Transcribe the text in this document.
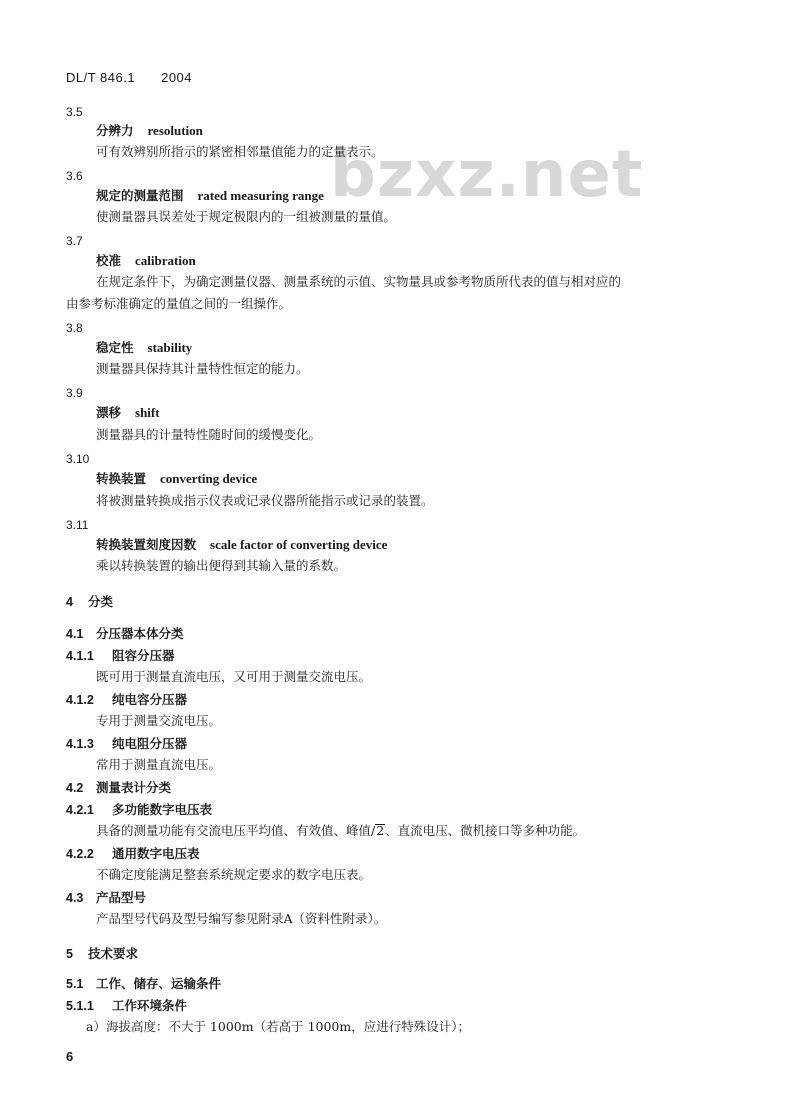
DL/T 846.1 2004
bzxz.net
3.5
分辨力 resolution
可有效辨别所指示的紧密相邻量值能力的定量表示。
3.6
规定的测量范围 rated measuring range
使测量器具误差处于规定极限内的一组被测量的量值。
3.7
校准 calibration
在规定条件下，为确定测量仪器、测量系统的示值、实物量具或参考物质所代表的值与相对应的
由参考标准确定的量值之间的一组操作。
3.8
稳定性 stability
测量器具保持其计量特性恒定的能力。
3.9
漂移 shift
测量器具的计量特性随时间的缓慢变化。
3.10
转换装置 converting device
将被测量转换成指示仪表或记录仪器所能指示或记录的装置。
3.11
转换装置刻度因数 scale factor of converting device
乘以转换装置的输出便得到其输入量的系数。
4 分类
4.1 分压器本体分类
4.1.1 阻容分压器
既可用于测量直流电压，又可用于测量交流电压。
4.1.2 纯电容分压器
专用于测量交流电压。
4.1.3 纯电阻分压器
常用于测量直流电压。
4.2 测量表计分类
4.2.1 多功能数字电压表
具备的测量功能有交流电压平均值、有效值、峰值/2、直流电压、微机接口等多种功能。
4.2.2 通用数字电压表
不确定度能满足整套系统规定要求的数字电压表。
4.3 产品型号
产品型号代码及型号编写参见附录A（资料性附录）。
5 技术要求
5.1 工作、储存、运输条件
5.1.1 工作环境条件
a）海拔高度：不大于 1000m（若高于 1000m，应进行特殊设计）；
6
